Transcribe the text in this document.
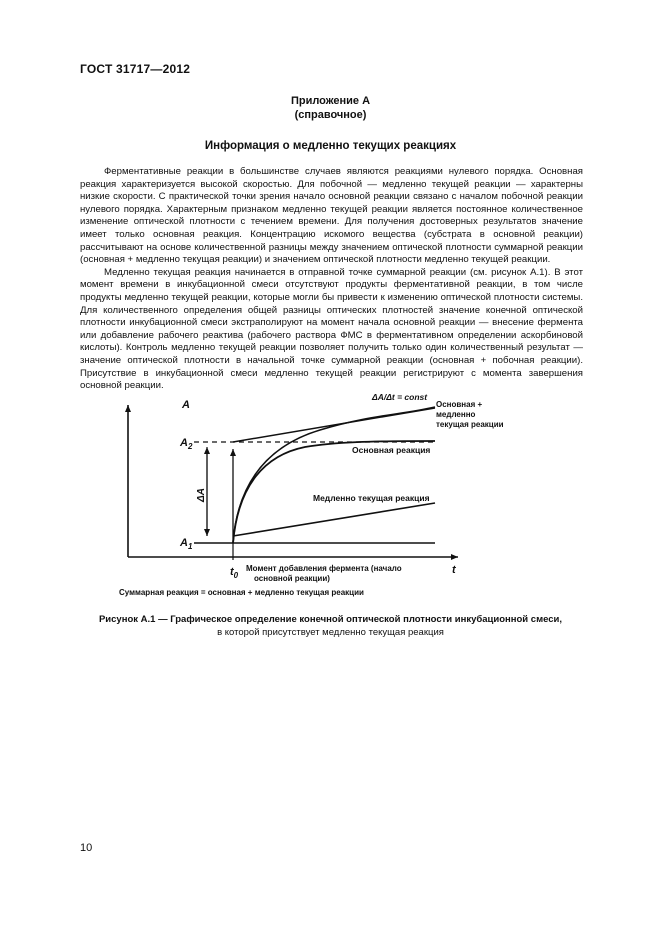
ГОСТ 31717—2012
Приложение А
(справочное)
Информация о медленно текущих реакциях

Ферментативные реакции в большинстве случаев являются реакциями нулевого порядка. Основная реакция характеризуется высокой скоростью. Для побочной — медленно текущей реакции — характерны низкие скорости. С практической точки зрения начало основной реакции связано с началом побочной реакции нулевого порядка. Характерным признаком медленно текущей реакции является постоянное количественное изменение оптической плотности с течением времени. Для получения достоверных результатов значение имеет только основная реакция. Концентрацию искомого вещества (субстрата в основной реакции) рассчитывают на основе количественной разницы между значением оптической плотности суммарной реакции (основная + медленно текущая реакции) и значением оптической плотности медленно текущей реакции.

Медленно текущая реакция начинается в отправной точке суммарной реакции (см. рисунок А.1). В этот момент времени в инкубационной смеси отсутствуют продукты ферментативной реакции, в том числе продукты медленно текущей реакции, которые могли бы привести к изменению оптической плотности системы. Для количественного определения общей разницы оптических плотностей значение конечной оптической плотности инкубационной смеси экстраполируют на момент начала основной реакции — внесение фермента или добавление рабочего реактива (рабочего раствора ФМС в ферментативном определении аскорбиновой кислоты). Контроль медленно текущей реакции позволяет получить только один количественный результат — значение оптической плотности в начальной точке суммарной реакции (основная + побочная реакции). Присутствие в инкубационной смеси медленно текущей реакции регистрируют с момента завершения основной реакции.

A
t
$A_2$
$A_1$
ΔA
$t_0$
ΔA/Δt = const
Основная +
медленно
текущая реакции
Основная реакция
Медленно текущая реакция
Момент добавления фермента (начало
основной реакции)
Суммарная реакция = основная + медленно текущая реакции
Рисунок А.1 — Графическое определение конечной оптической плотности инкубационной смеси,
в которой присутствует медленно текущая реакция
10
